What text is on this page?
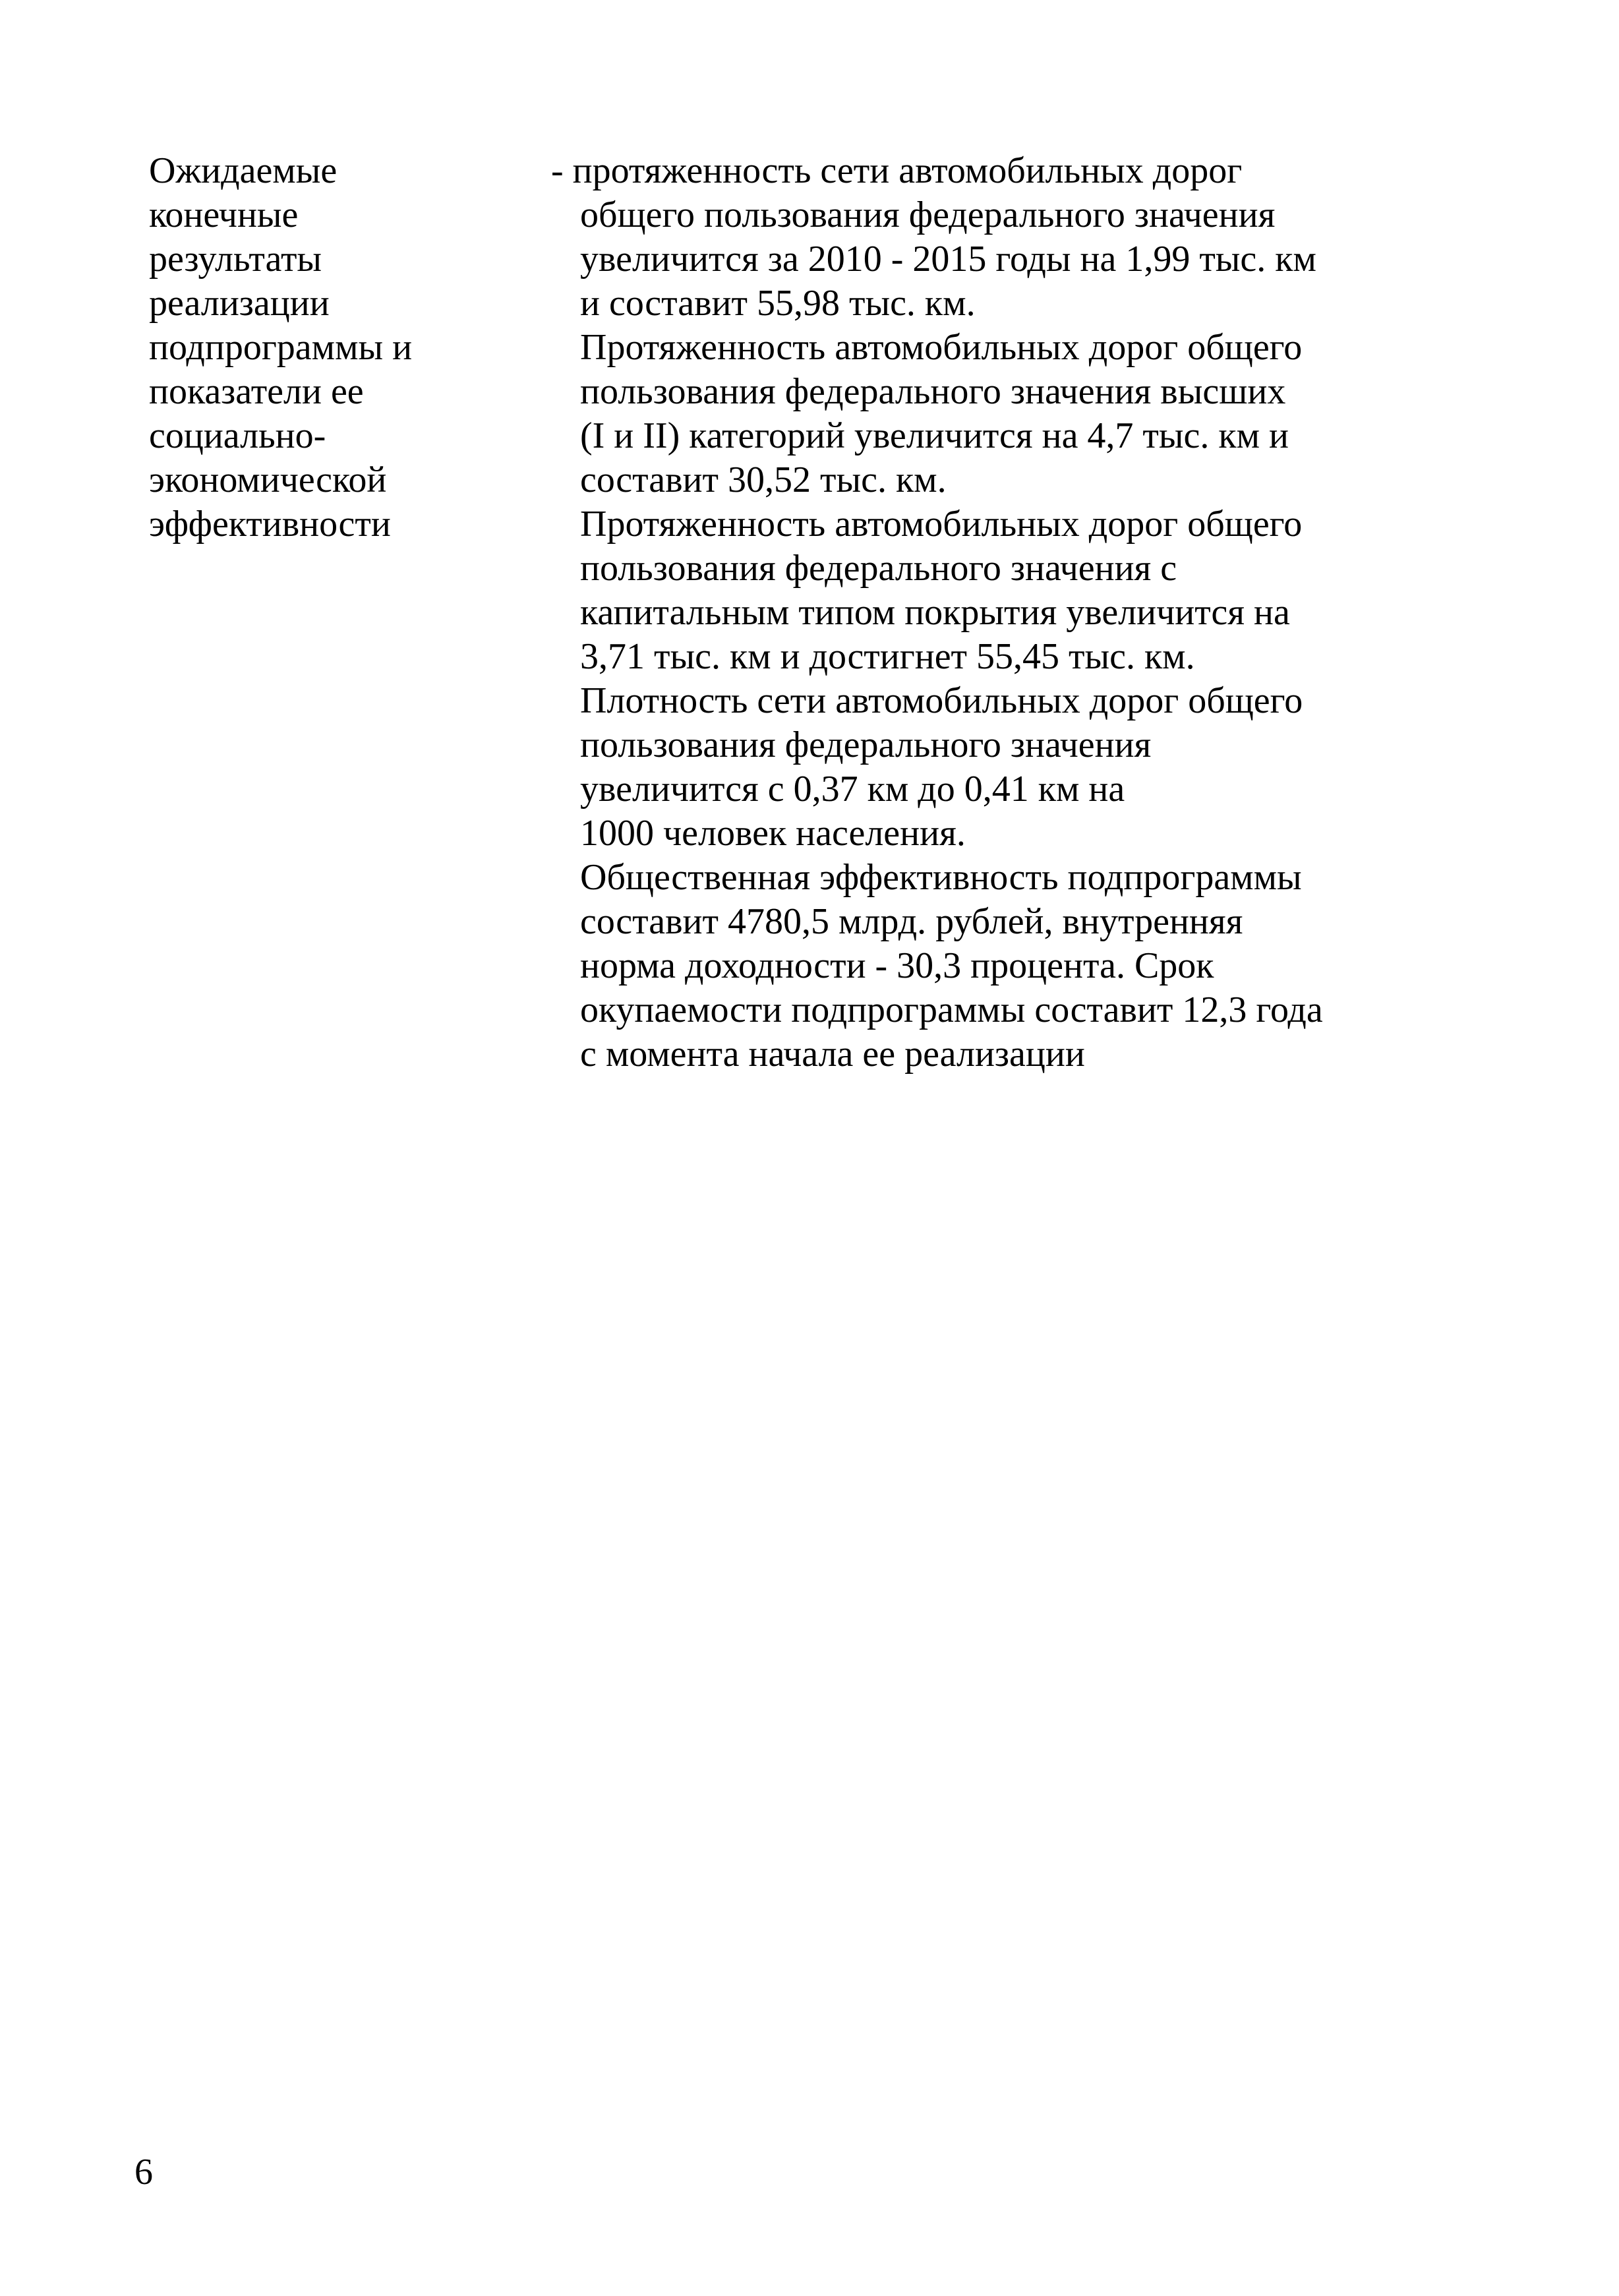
Ожидаемые

конечные

результаты

реализации

подпрограммы и

показатели ее

социально-

экономической

эффективности

- протяженность сети автомобильных дорог

общего пользования федерального значения

увеличится за 2010 - 2015 годы на 1,99 тыс. км

и составит 55,98 тыс. км.

Протяженность автомобильных дорог общего

пользования федерального значения высших

(I и II) категорий увеличится на 4,7 тыс. км и

составит 30,52 тыс. км.

Протяженность автомобильных дорог общего

пользования федерального значения с

капитальным типом покрытия увеличится на

3,71 тыс. км и достигнет 55,45 тыс. км.

Плотность сети автомобильных дорог общего

пользования федерального значения

увеличится с 0,37 км до 0,41 км на

1000 человек населения.

Общественная эффективность подпрограммы

составит 4780,5 млрд. рублей, внутренняя

норма доходности - 30,3 процента. Срок

окупаемости подпрограммы составит 12,3 года

с момента начала ее реализации

6
